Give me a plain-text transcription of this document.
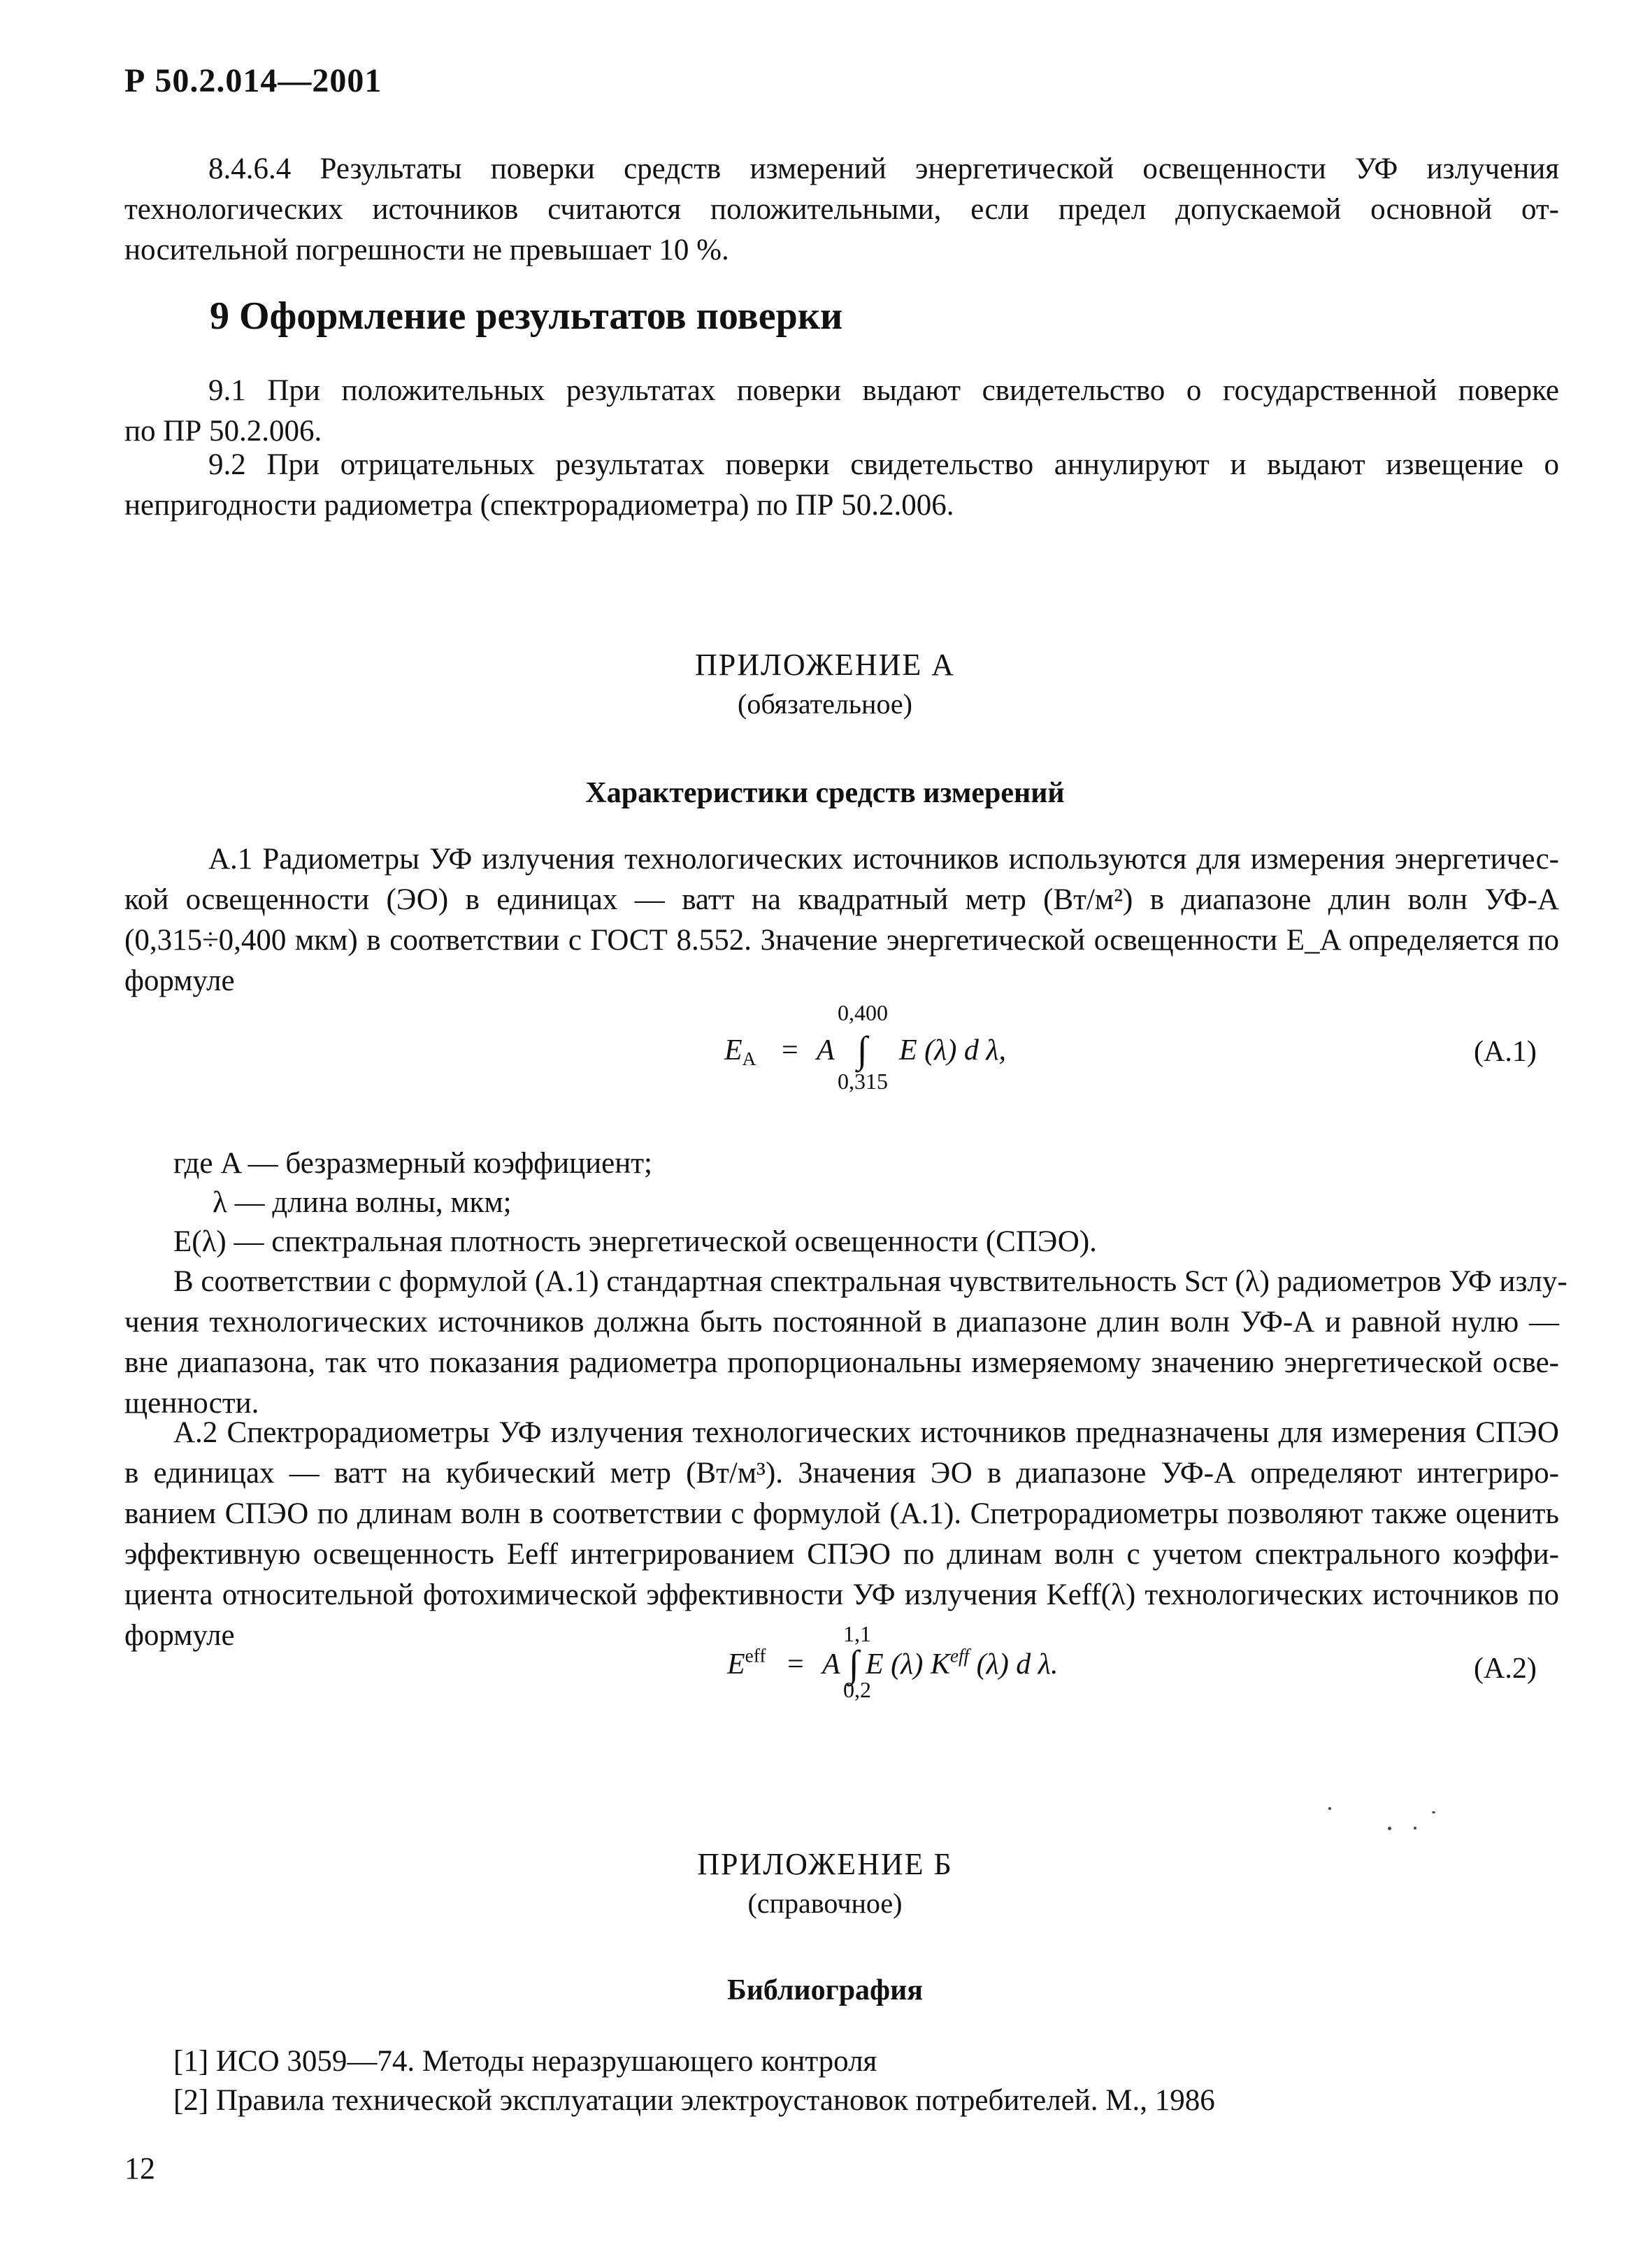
Р 50.2.014—2001
8.4.6.4 Результаты поверки средств измерений энергетической освещенности УФ излучения
технологических источников считаются положительными, если предел допускаемой основной от-
носительной погрешности не превышает 10 %.
9 Оформление результатов поверки
9.1 При положительных результатах поверки выдают свидетельство о государственной поверке
по ПР 50.2.006.
9.2 При отрицательных результатах поверки свидетельство аннулируют и выдают извещение о
непригодности радиометра (спектрорадиометра) по ПР 50.2.006.
ПРИЛОЖЕНИЕ А
(обязательное)
Характеристики средств измерений
А.1 Радиометры УФ излучения технологических источников используются для измерения энергетичес-
кой освещенности (ЭО) в единицах — ватт на квадратный метр (Вт/м²) в диапазоне длин волн УФ-А
(0,315÷0,400 мкм) в соответствии с ГОСТ 8.552. Значение энергетической освещенности E_A определяется по
формуле
0,400
$E_A = A$ ∫ E (λ) d λ,
0,315
(А.1)
где A — безразмерный коэффициент;
λ — длина волны, мкм;
E(λ) — спектральная плотность энергетической освещенности (СПЭО).
В соответствии с формулой (А.1) стандартная спектральная чувствительность Sст (λ) радиометров УФ излу-
чения технологических источников должна быть постоянной в диапазоне длин волн УФ-А и равной нулю —
вне диапазона, так что показания радиометра пропорциональны измеряемому значению энергетической осве-
щенности.
А.2 Спектрорадиометры УФ излучения технологических источников предназначены для измерения СПЭО
в единицах — ватт на кубический метр (Вт/м³). Значения ЭО в диапазоне УФ-А определяют интегриро-
ванием СПЭО по длинам волн в соответствии с формулой (А.1). Спетрорадиометры позволяют также оценить
эффективную освещенность Eeff интегрированием СПЭО по длинам волн с учетом спектрального коэффи-
циента относительной фотохимической эффективности УФ излучения Keff(λ) технологических источников по
формуле	1,1
$E^{eff} = A$ ∫ E (λ) $K^{eff}$ (λ) d λ.
0,2
(А.2)
ПРИЛОЖЕНИЕ Б
(справочное)
Библиография
[1] ИСО 3059—74. Методы неразрушающего контроля
[2] Правила технической эксплуатации электроустановок потребителей. М., 1986
12
